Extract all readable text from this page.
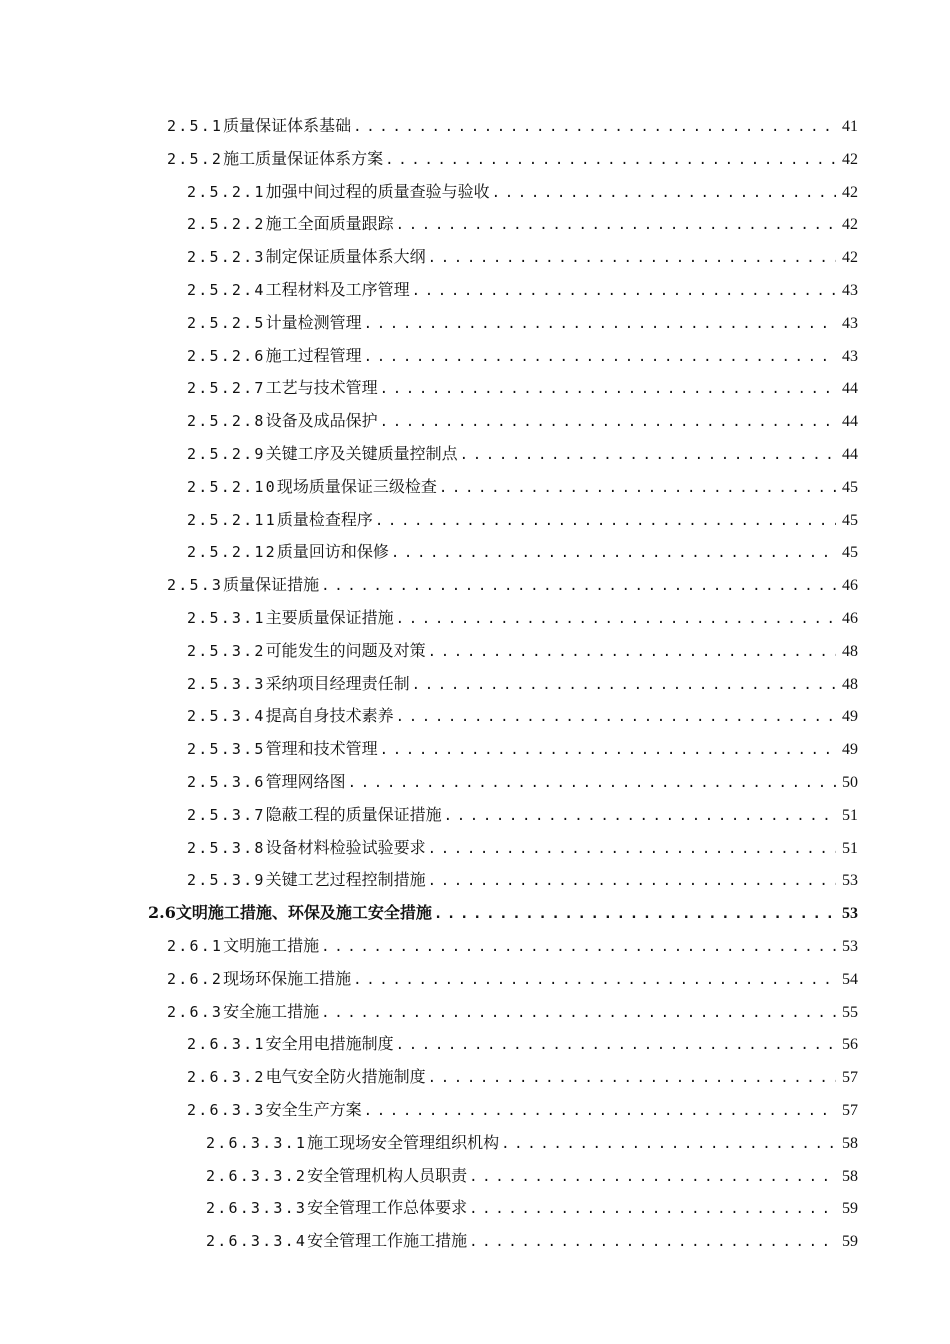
2.5.1 质量保证体系基础 . . .	41
2.5.2 施工质量保证体系方案 . . .	42
2.5.2.1 加强中间过程的质量查验与验收 . . .	42
2.5.2.2 施工全面质量跟踪 . . .	42
2.5.2.3 制定保证质量体系大纲 . . .	42
2.5.2.4 工程材料及工序管理 . . .	43
2.5.2.5 计量检测管理 . . .	43
2.5.2.6 施工过程管理 . . .	43
2.5.2.7 工艺与技术管理 . . .	44
2.5.2.8 设备及成品保护 . . .	44
2.5.2.9 关键工序及关键质量控制点 . . .	44
2.5.2.10 现场质量保证三级检查 . . .	45
2.5.2.11 质量检查程序 . . .	45
2.5.2.12 质量回访和保修 . . .	45
2.5.3 质量保证措施 . . .	46
2.5.3.1 主要质量保证措施 . . .	46
2.5.3.2 可能发生的问题及对策 . . .	48
2.5.3.3 采纳项目经理责任制 . . .	48
2.5.3.4 提高自身技术素养 . . .	49
2.5.3.5 管理和技术管理 . . .	49
2.5.3.6 管理网络图 . . .	50
2.5.3.7 隐蔽工程的质量保证措施 . . .	51
2.5.3.8 设备材料检验试验要求 . . .	51
2.5.3.9 关键工艺过程控制措施 . . .	53
2.6 文明施工措施、环保及施工安全措施 . . .	53
2.6.1 文明施工措施 . . .	53
2.6.2 现场环保施工措施 . . .	54
2.6.3 安全施工措施 . . .	55
2.6.3.1 安全用电措施制度 . . .	56
2.6.3.2 电气安全防火措施制度 . . .	57
2.6.3.3 安全生产方案 . . .	57
2.6.3.3.1 施工现场安全管理组织机构 . . .	58
2.6.3.3.2 安全管理机构人员职责 . . .	58
2.6.3.3.3 安全管理工作总体要求 . . .	59
2.6.3.3.4 安全管理工作施工措施 . . .	59
